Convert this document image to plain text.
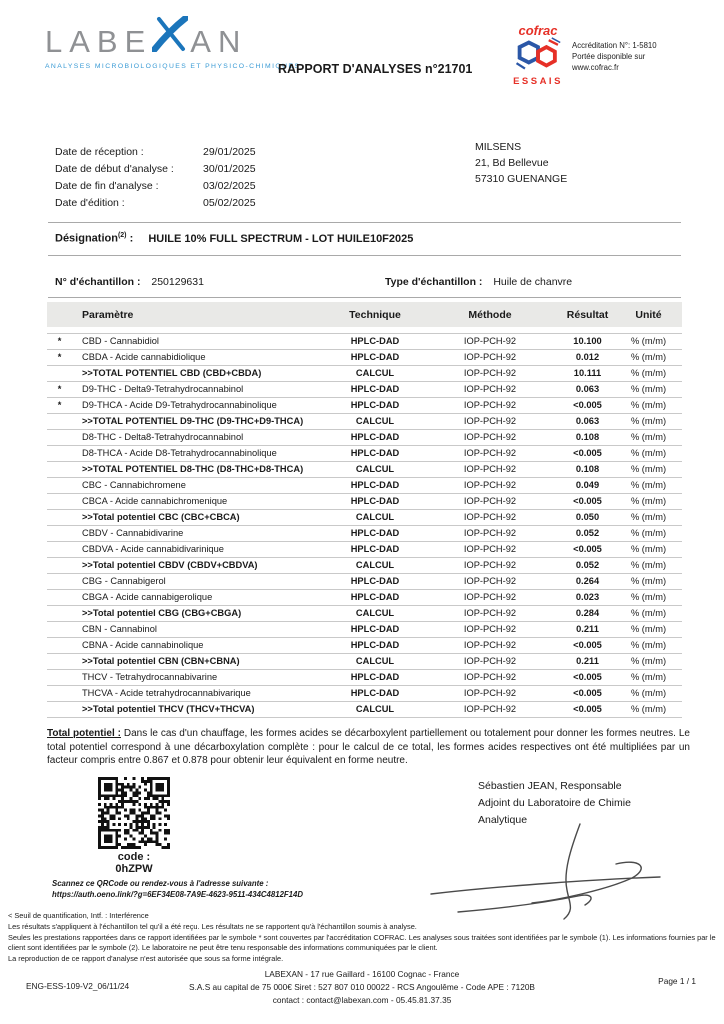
LABE AN
ANALYSES MICROBIOLOGIQUES ET PHYSICO-CHIMIQUES
RAPPORT D'ANALYSES n°21701
cofrac
ESSAIS
Accréditation N°: 1-5810
Portée disponible sur
www.cofrac.fr
Date de réception :	29/01/2025
Date de début d'analyse :	30/01/2025
Date de fin d'analyse :	03/02/2025
Date d'édition :	05/02/2025
MILSENS
21, Bd Bellevue
57310 GUENANGE
Désignation$^{(2)}$ : HUILE 10% FULL SPECTRUM - LOT HUILE10F2025
N° d'échantillon : 250129631	Type d'échantillon : Huile de chanvre
Paramètre	Technique	Méthode	Résultat	Unité
*	CBD - Cannabidiol	HPLC-DAD	IOP-PCH-92	10.100	% (m/m)
*	CBDA - Acide cannabidiolique	HPLC-DAD	IOP-PCH-92	0.012	% (m/m)
	>>TOTAL POTENTIEL CBD (CBD+CBDA)	CALCUL	IOP-PCH-92	10.111	% (m/m)
*	D9-THC - Delta9-Tetrahydrocannabinol	HPLC-DAD	IOP-PCH-92	0.063	% (m/m)
*	D9-THCA - Acide D9-Tetrahydrocannabinolique	HPLC-DAD	IOP-PCH-92	<0.005	% (m/m)
	>>TOTAL POTENTIEL D9-THC (D9-THC+D9-THCA)	CALCUL	IOP-PCH-92	0.063	% (m/m)
	D8-THC - Delta8-Tetrahydrocannabinol	HPLC-DAD	IOP-PCH-92	0.108	% (m/m)
	D8-THCA - Acide D8-Tetrahydrocannabinolique	HPLC-DAD	IOP-PCH-92	<0.005	% (m/m)
	>>TOTAL POTENTIEL D8-THC (D8-THC+D8-THCA)	CALCUL	IOP-PCH-92	0.108	% (m/m)
	CBC - Cannabichromene	HPLC-DAD	IOP-PCH-92	0.049	% (m/m)
	CBCA - Acide cannabichromenique	HPLC-DAD	IOP-PCH-92	<0.005	% (m/m)
	>>Total potentiel CBC (CBC+CBCA)	CALCUL	IOP-PCH-92	0.050	% (m/m)
	CBDV - Cannabidivarine	HPLC-DAD	IOP-PCH-92	0.052	% (m/m)
	CBDVA - Acide cannabidivarinique	HPLC-DAD	IOP-PCH-92	<0.005	% (m/m)
	>>Total potentiel CBDV (CBDV+CBDVA)	CALCUL	IOP-PCH-92	0.052	% (m/m)
	CBG - Cannabigerol	HPLC-DAD	IOP-PCH-92	0.264	% (m/m)
	CBGA - Acide cannabigerolique	HPLC-DAD	IOP-PCH-92	0.023	% (m/m)
	>>Total potentiel CBG (CBG+CBGA)	CALCUL	IOP-PCH-92	0.284	% (m/m)
	CBN - Cannabinol	HPLC-DAD	IOP-PCH-92	0.211	% (m/m)
	CBNA - Acide cannabinolique	HPLC-DAD	IOP-PCH-92	<0.005	% (m/m)
	>>Total potentiel CBN (CBN+CBNA)	CALCUL	IOP-PCH-92	0.211	% (m/m)
	THCV - Tetrahydrocannabivarine	HPLC-DAD	IOP-PCH-92	<0.005	% (m/m)
	THCVA - Acide tetrahydrocannabivarique	HPLC-DAD	IOP-PCH-92	<0.005	% (m/m)
	>>Total potentiel THCV (THCV+THCVA)	CALCUL	IOP-PCH-92	<0.005	% (m/m)
Total potentiel : Dans le cas d'un chauffage, les formes acides se décarboxylent partiellement ou totalement pour donner les formes neutres. Le total potentiel correspond à une décarboxylation complète : pour le calcul de ce total, les formes acides respectives ont été multipliées par un facteur compris entre 0.867 et 0.878 pour obtenir leur équivalent en forme neutre.
code : 0hZPW
Scannez ce QRCode ou rendez-vous à l'adresse suivante :
https://auth.oeno.link/?g=6EF34E08-7A9E-4623-9511-434C4812F14D
Sébastien JEAN, Responsable
Adjoint du Laboratoire de Chimie
Analytique

< Seuil de quantification, Intf. : Interférence

Les résultats s'appliquent à l'échantillon tel qu'il a été reçu. Les résultats ne se rapportent qu'à l'échantillon soumis à analyse.

Seules les prestations rapportées dans ce rapport identifiées par le symbole * sont couvertes par l'accréditation COFRAC. Les analyses sous traitées sont identifiées par le symbole (1). Les informations fournies par le client sont identifiées par le symbole (2). Le laboratoire ne peut être tenu responsable des informations communiquées par le client.

La reproduction de ce rapport d'analyse n'est autorisée que sous sa forme intégrale.

ENG-ESS-109-V2_06/11/24
LABEXAN - 17 rue Gaillard - 16100 Cognac - France
S.A.S au capital de 75 000€ Siret : 527 807 010 00022 - RCS Angoulême - Code APE : 7120B
contact : contact@labexan.com - 05.45.81.37.35
Page 1 / 1
